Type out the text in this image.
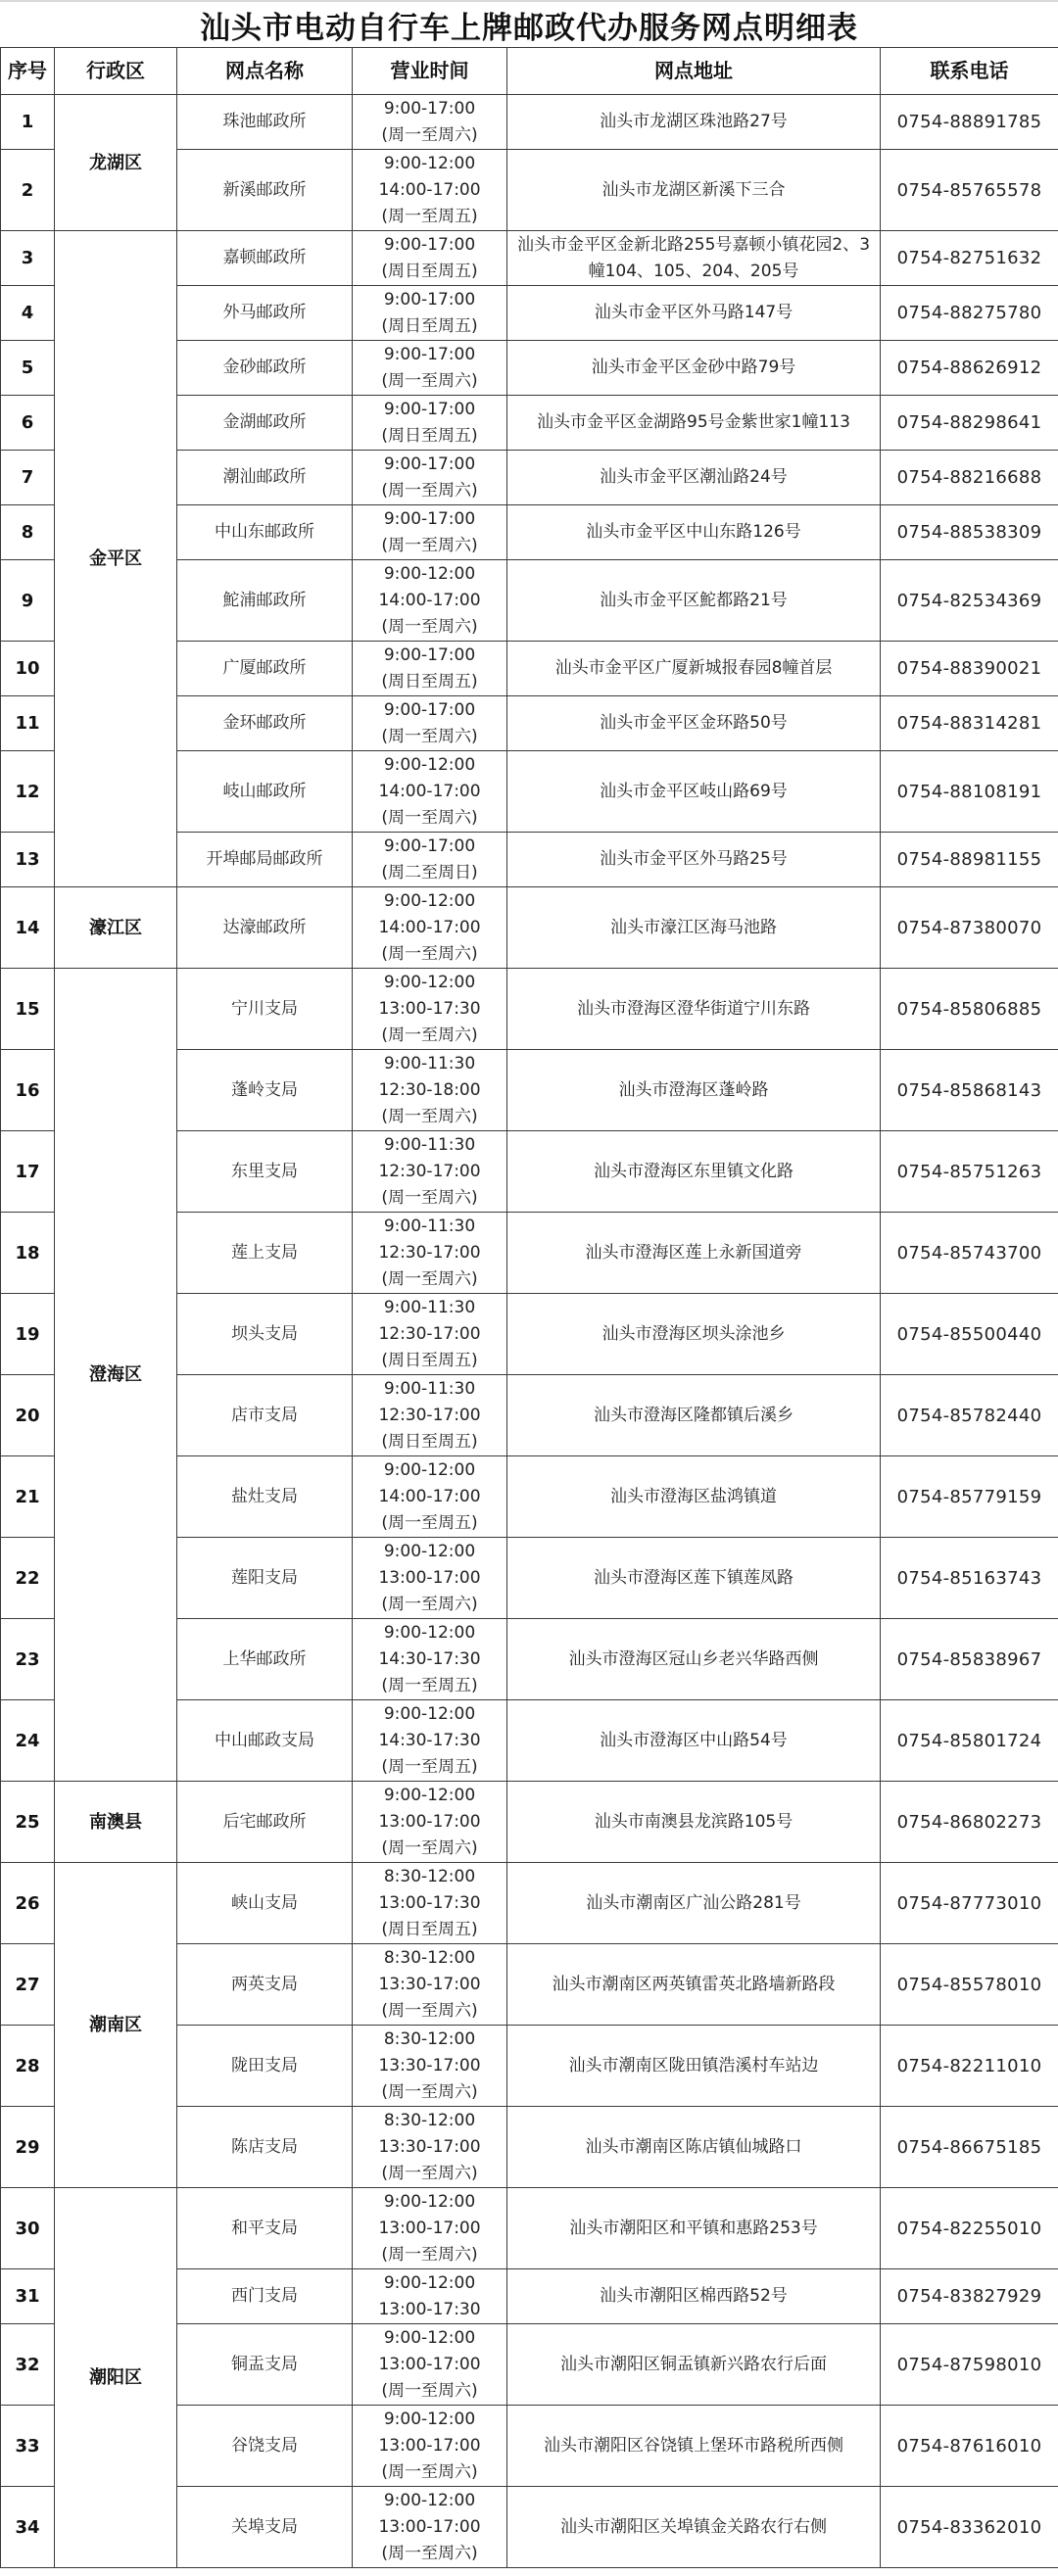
汕头市电动自行车上牌邮政代办服务网点明细表
序号	行政区	网点名称	营业时间	网点地址	联系电话
1	龙湖区	珠池邮政所	9:00-17:00
(周一至周六)	汕头市龙湖区珠池路27号	0754-88891785
2		新溪邮政所	9:00-12:00
14:00-17:00
(周一至周五)	汕头市龙湖区新溪下三合	0754-85765578
3	金平区	嘉顿邮政所	9:00-17:00
(周日至周五)	汕头市金平区金新北路255号嘉顿小镇花园2、3幢104、105、204、205号	0754-82751632
4		外马邮政所	9:00-17:00
(周日至周五)	汕头市金平区外马路147号	0754-88275780
5		金砂邮政所	9:00-17:00
(周一至周六)	汕头市金平区金砂中路79号	0754-88626912
6		金湖邮政所	9:00-17:00
(周日至周五)	汕头市金平区金湖路95号金紫世家1幢113	0754-88298641
7		潮汕邮政所	9:00-17:00
(周一至周六)	汕头市金平区潮汕路24号	0754-88216688
8		中山东邮政所	9:00-17:00
(周一至周六)	汕头市金平区中山东路126号	0754-88538309
9		鮀浦邮政所	9:00-12:00
14:00-17:00
(周一至周六)	汕头市金平区鮀都路21号	0754-82534369
10		广厦邮政所	9:00-17:00
(周日至周五)	汕头市金平区广厦新城报春园8幢首层	0754-88390021
11		金环邮政所	9:00-17:00
(周一至周六)	汕头市金平区金环路50号	0754-88314281
12		岐山邮政所	9:00-12:00
14:00-17:00
(周一至周六)	汕头市金平区岐山路69号	0754-88108191
13		开埠邮局邮政所	9:00-17:00
(周二至周日)	汕头市金平区外马路25号	0754-88981155
14	濠江区	达濠邮政所	9:00-12:00
14:00-17:00
(周一至周六)	汕头市濠江区海马池路	0754-87380070
15	澄海区	宁川支局	9:00-12:00
13:00-17:30
(周一至周六)	汕头市澄海区澄华街道宁川东路	0754-85806885
16		蓬岭支局	9:00-11:30
12:30-18:00
(周一至周六)	汕头市澄海区蓬岭路	0754-85868143
17		东里支局	9:00-11:30
12:30-17:00
(周一至周六)	汕头市澄海区东里镇文化路	0754-85751263
18		莲上支局	9:00-11:30
12:30-17:00
(周一至周六)	汕头市澄海区莲上永新国道旁	0754-85743700
19		坝头支局	9:00-11:30
12:30-17:00
(周日至周五)	汕头市澄海区坝头涂池乡	0754-85500440
20		店市支局	9:00-11:30
12:30-17:00
(周日至周五)	汕头市澄海区隆都镇后溪乡	0754-85782440
21		盐灶支局	9:00-12:00
14:00-17:00
(周一至周五)	汕头市澄海区盐鸿镇道	0754-85779159
22		莲阳支局	9:00-12:00
13:00-17:00
(周一至周六)	汕头市澄海区莲下镇莲凤路	0754-85163743
23		上华邮政所	9:00-12:00
14:30-17:30
(周一至周五)	汕头市澄海区冠山乡老兴华路西侧	0754-85838967
24		中山邮政支局	9:00-12:00
14:30-17:30
(周一至周五)	汕头市澄海区中山路54号	0754-85801724
25	南澳县	后宅邮政所	9:00-12:00
13:00-17:00
(周一至周六)	汕头市南澳县龙滨路105号	0754-86802273
26	潮南区	峡山支局	8:30-12:00
13:00-17:30
(周日至周五)	汕头市潮南区广汕公路281号	0754-87773010
27		两英支局	8:30-12:00
13:30-17:00
(周一至周六)	汕头市潮南区两英镇雷英北路墙新路段	0754-85578010
28		陇田支局	8:30-12:00
13:30-17:00
(周一至周六)	汕头市潮南区陇田镇浩溪村车站边	0754-82211010
29		陈店支局	8:30-12:00
13:30-17:00
(周一至周六)	汕头市潮南区陈店镇仙城路口	0754-86675185
30	潮阳区	和平支局	9:00-12:00
13:00-17:00
(周一至周六)	汕头市潮阳区和平镇和惠路253号	0754-82255010
31		西门支局	9:00-12:00
13:00-17:30	汕头市潮阳区棉西路52号	0754-83827929
32		铜盂支局	9:00-12:00
13:00-17:00
(周一至周六)	汕头市潮阳区铜盂镇新兴路农行后面	0754-87598010
33		谷饶支局	9:00-12:00
13:00-17:00
(周一至周六)	汕头市潮阳区谷饶镇上堡环市路税所西侧	0754-87616010
34		关埠支局	9:00-12:00
13:00-17:00
(周一至周六)	汕头市潮阳区关埠镇金关路农行右侧	0754-83362010
